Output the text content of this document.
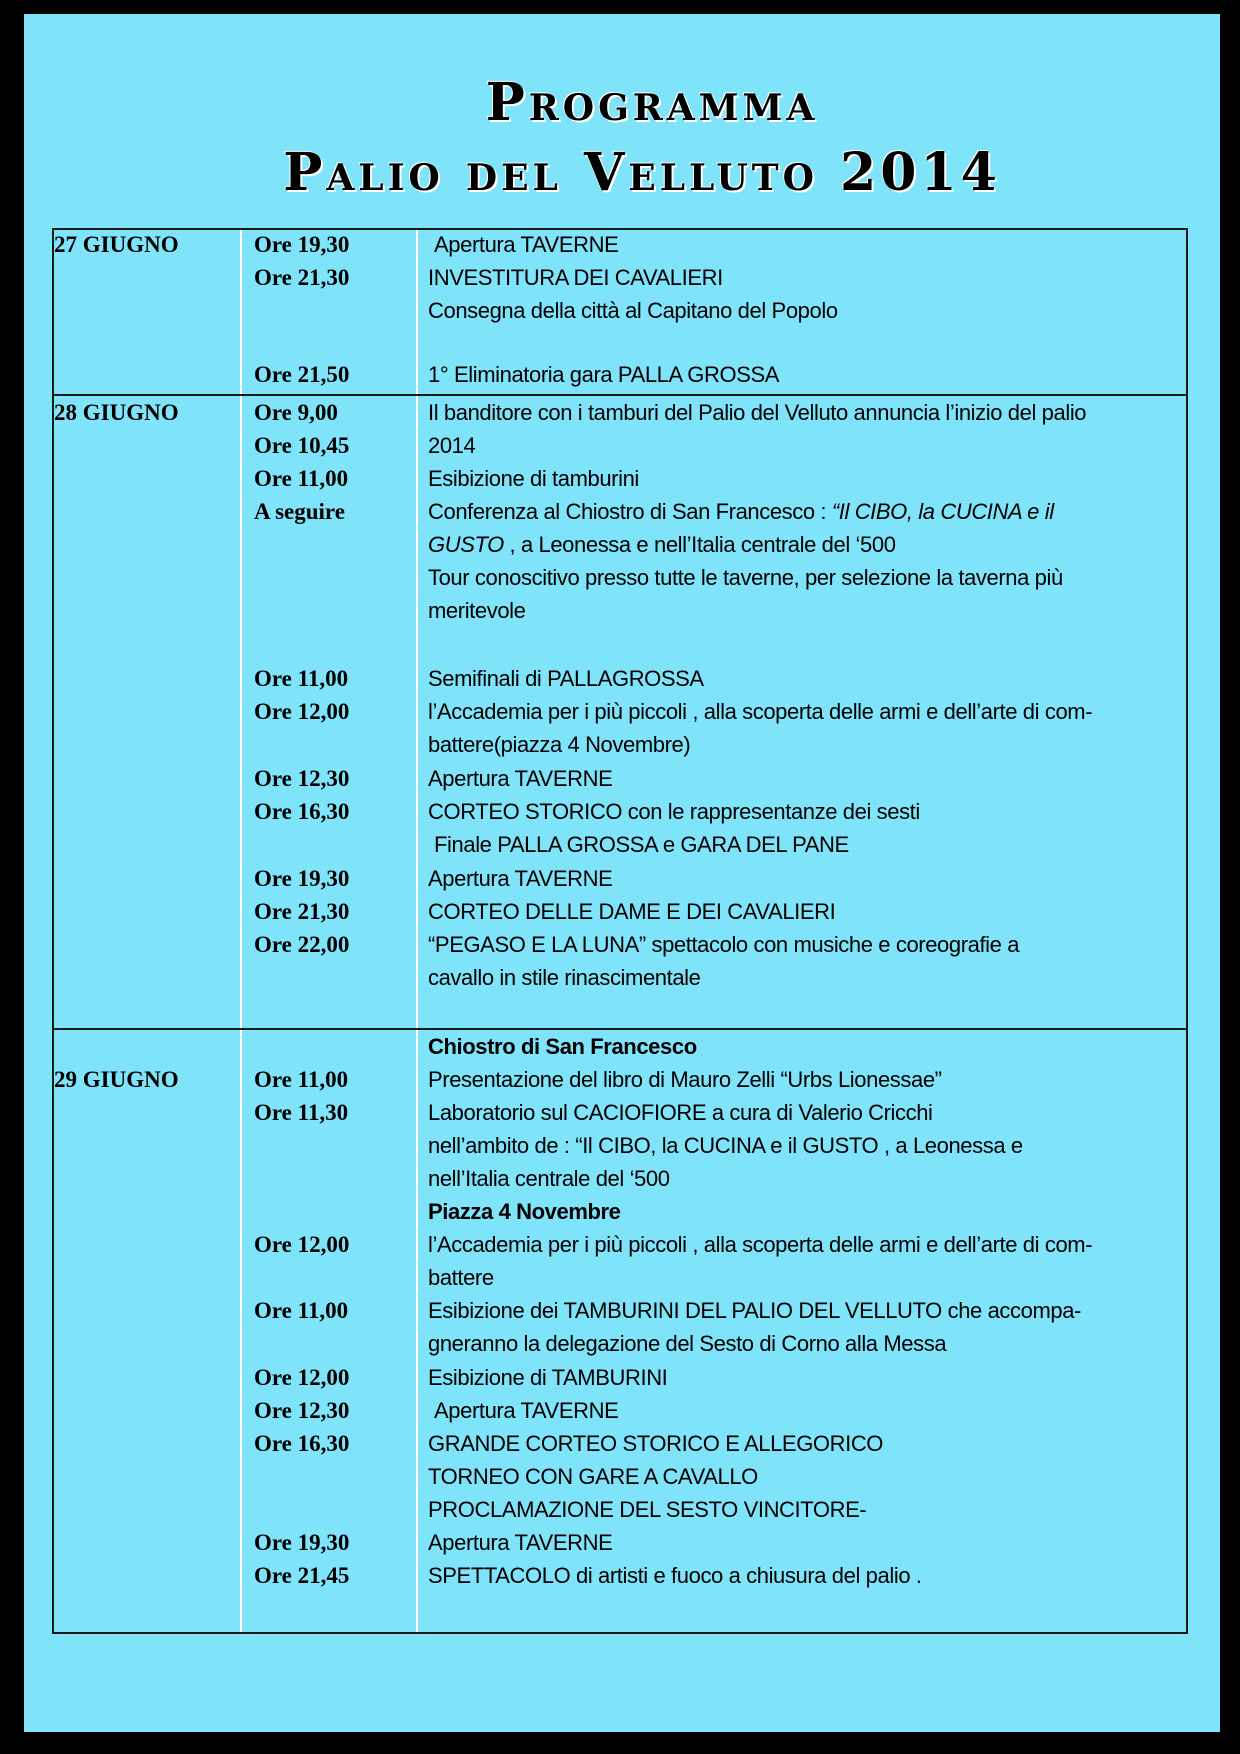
Programma
Palio del Velluto 2014
27 GIUGNO	Ore 19,30	Apertura TAVERNE
Ore 21,30	INVESTITURA DEI CAVALIERI
Consegna della città al Capitano del Popolo
Ore 21,50	1° Eliminatoria gara PALLA GROSSA
28 GIUGNO	Ore 9,00	Il banditore con i tamburi del Palio del Velluto annuncia l’inizio del palio
Ore 10,45	2014
Ore 11,00	Esibizione di tamburini
A seguire	Conferenza al Chiostro di San Francesco : “Il CIBO, la CUCINA e il
GUSTO , a Leonessa e nell’Italia centrale del ‘500
Tour conoscitivo presso tutte le taverne, per selezione la taverna più
meritevole
Ore 11,00	Semifinali di PALLAGROSSA
Ore 12,00	l’Accademia per i più piccoli , alla scoperta delle armi e dell’arte di com-
battere(piazza 4 Novembre)
Ore 12,30	Apertura TAVERNE
Ore 16,30	CORTEO STORICO con le rappresentanze dei sesti
Finale PALLA GROSSA e GARA DEL PANE
Ore 19,30	Apertura TAVERNE
Ore 21,30	CORTEO DELLE DAME E DEI CAVALIERI
Ore 22,00	“PEGASO E LA LUNA” spettacolo con musiche e coreografie a
cavallo in stile rinascimentale
Chiostro di San Francesco
29 GIUGNO	Ore 11,00	Presentazione del libro di Mauro Zelli “Urbs Lionessae”
Ore 11,30	Laboratorio sul CACIOFIORE a cura di Valerio Cricchi
nell’ambito de : “Il CIBO, la CUCINA e il GUSTO , a Leonessa e
nell’Italia centrale del ‘500
Piazza 4 Novembre
Ore 12,00	l’Accademia per i più piccoli , alla scoperta delle armi e dell’arte di com-
battere
Ore 11,00	Esibizione dei TAMBURINI DEL PALIO DEL VELLUTO che accompa-
gneranno la delegazione del Sesto di Corno alla Messa
Ore 12,00	Esibizione di TAMBURINI
Ore 12,30	Apertura TAVERNE
Ore 16,30	GRANDE CORTEO STORICO E ALLEGORICO
TORNEO CON GARE A CAVALLO
PROCLAMAZIONE DEL SESTO VINCITORE-
Ore 19,30	Apertura TAVERNE
Ore 21,45	SPETTACOLO di artisti e fuoco a chiusura del palio .
